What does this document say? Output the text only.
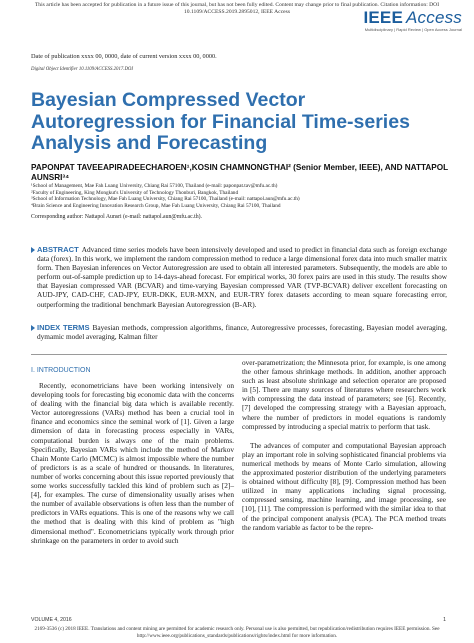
This article has been accepted for publication in a future issue of this journal, but has not been fully edited. Content may change prior to final publication. Citation information: DOI
10.1109/ACCESS.2019.2895012, IEEE Access	IEEE Access
Multidisciplinary | Rapid Review | Open Access Journal
Date of publication xxxx 00, 0000, date of current version xxxx 00, 0000.
Digital Object Identifier 10.1109/ACCESS.2017.DOI
Bayesian Compressed Vector Autoregression for Financial Time-series Analysis and Forecasting
PAPONPAT TAVEEAPIRADEECHAROEN¹,KOSIN CHAMNONGTHAI² (Senior Member, IEEE), AND NATTAPOL AUNSRI³⁴
¹School of Management, Mae Fah Luang University, Chiang Rai 57100, Thailand (e-mail: paponpat.tav@mfu.ac.th)
²Faculty of Engineering, King Mongkut's University of Technology Thonburi, Bangkok, Thailand
³School of Information Technology, Mae Fah Luang University, Chiang Rai 57100, Thailand (e-mail: nattapol.aun@mfu.ac.th)
⁴Brain Science and Engineering Innovation Research Group, Mae Fah Luang University, Chiang Rai 57100, Thailand
Corresponding author: Nattapol Aunsri (e-mail: nattapol.aun@mfu.ac.th).
ABSTRACT Advanced time series models have been intensively developed and used to predict in financial data such as foreign exchange data (forex). In this work, we implement the random compression method to reduce a large dimensional forex data into much smaller matrix form. Then Bayesian inferences on Vector Autoregression are used to obtain all interested parameters. Subsequently, the models are able to perform out-of-sample prediction up to 14-days-ahead forecast. For empirical works, 30 forex pairs are used in this study. The results show that Bayesian compressed VAR (BCVAR) and time-varying Bayesian compressed VAR (TVP-BCVAR) deliver excellent forecasting on AUD-JPY, CAD-CHF, CAD-JPY, EUR-DKK, EUR-MXN, and EUR-TRY forex datasets according to mean square forecasting error, outperforming the traditional benchmark Bayesian Autoregression (B-AR).
INDEX TERMS Bayesian methods, compression algorithms, finance, Autoregressive processes, forecasting, Bayesian model averaging, dymamic model averaging, Kalman filter
I. INTRODUCTION
Recently, econometricians have been working intensively on developing tools for forecasting big economic data with the concerns of dealing with the financial big data which is available recently. Vector autoregressions (VARs) method has been a crucial tool in finance and economics since the seminal work of [1]. Given a large dimension of data in forecasting process especially in VARs, computational burden is always one of the main problems. Specifically, Bayesian VARs which include the method of Markov Chain Monte Carlo (MCMC) is almost impossible where the number of predictors is as a scale of hundred or thousands. In literatures, number of works concerning about this issue reported previously that some works successfully tackled this kind of problem such as [2]–[4], for examples. The curse of dimensionality usually arises when the number of available observations is often less than the number of predictors in VARs equations. This is one of the reasons why we call the method that is dealing with this kind of problem as "high dimensional method". Econometricians typically work through prior shrinkage on the parameters in order to avoid such

over-parametrization; the Minnesota prior, for example, is one among the other famous shrinkage methods. In addition, another approach such as least absolute shrinkage and selection operator are proposed in [5]. There are many sources of literatures where researchers work with compressing the data instead of parameters; see [6]. Recently, [7] developed the compressing strategy with a Bayesian approach, where the number of predictors in model equations is randomly compressed by introducing a special matrix to perform that task.

The advances of computer and computational Bayesian approach play an important role in solving sophisticated financial problems via numerical methods by means of Monte Carlo simulation, allowing the approximated posterior distribution of the underlying parameters is obtained without difficulty [8], [9]. Compression method has been utilized in many applications including signal processing, compressed sensing, machine learning, and image processing, see [10], [11]. The compression is performed with the similar idea to that of the principal component analysis (PCA). The PCA method treats the random variable as factor to be the repre-

VOLUME 4, 2016	1
2169-3536 (c) 2018 IEEE. Translations and content mining are permitted for academic research only. Personal use is also permitted, but republication/redistribution requires IEEE permission. See
http://www.ieee.org/publications_standards/publications/rights/index.html for more information.
